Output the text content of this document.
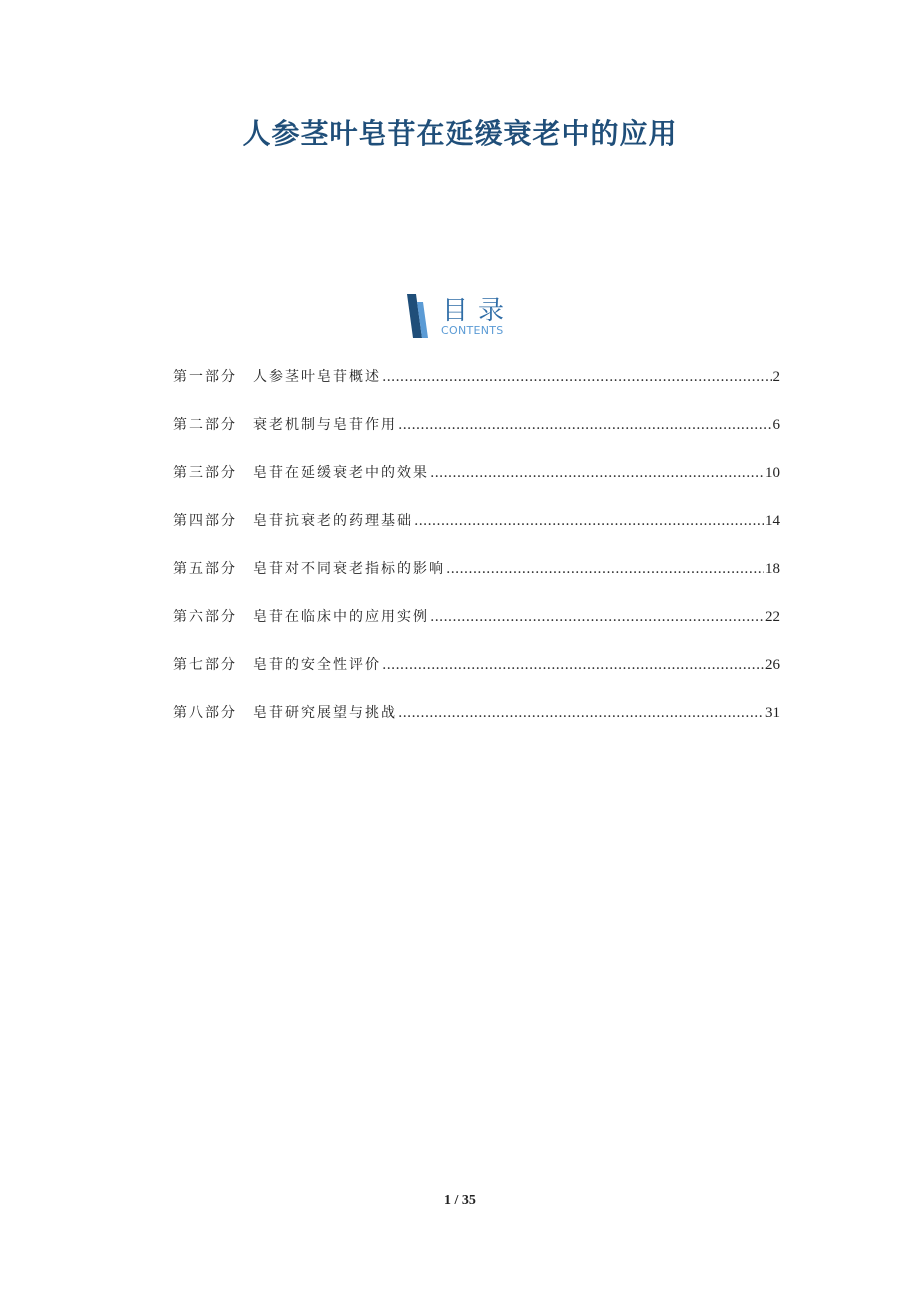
人参茎叶皂苷在延缓衰老中的应用
目录
CONTENTS
第一部分	人参茎叶皂苷概述 .....	2
第二部分	衰老机制与皂苷作用 .....	6
第三部分	皂苷在延缓衰老中的效果 .....	10
第四部分	皂苷抗衰老的药理基础 .....	14
第五部分	皂苷对不同衰老指标的影响 .....	18
第六部分	皂苷在临床中的应用实例 .....	22
第七部分	皂苷的安全性评价 .....	26
第八部分	皂苷研究展望与挑战 .....	31
1 / 35
